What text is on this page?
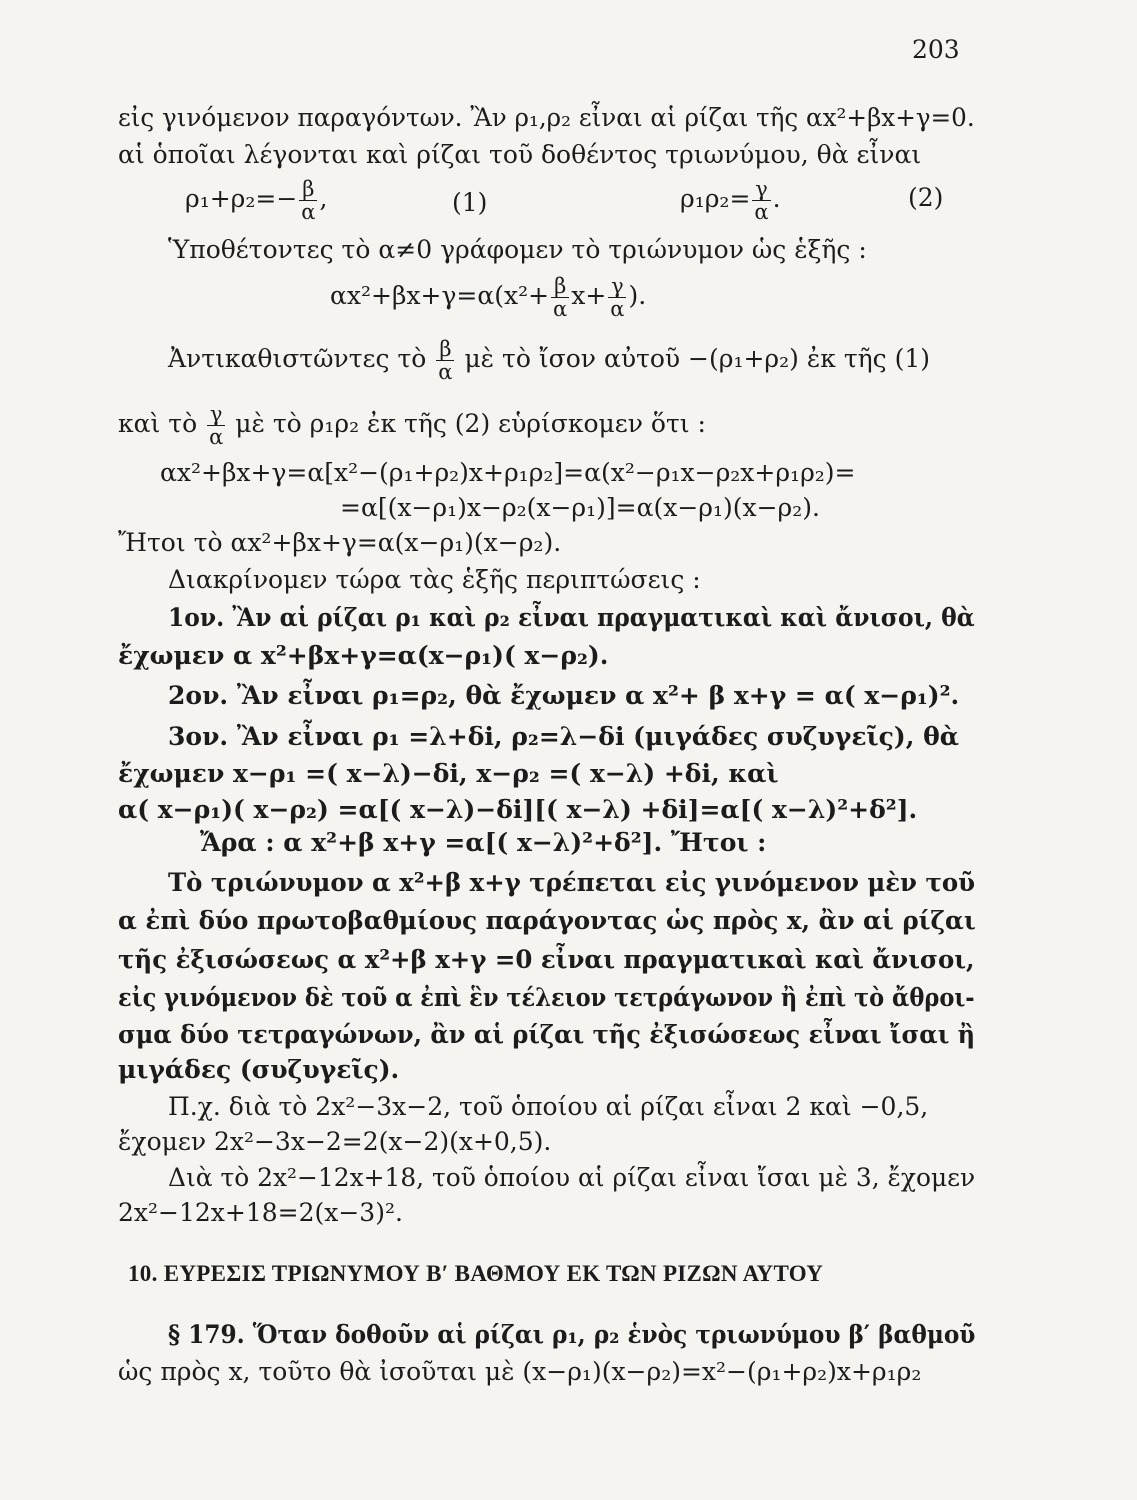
203
εἰς γινόμενον παραγόντων. Ἂν ρ₁,ρ₂ εἶναι αἱ ρίζαι τῆς αx²+βx+γ=0.
αἱ ὁποῖαι λέγονται καὶ ρίζαι τοῦ δοθέντος τριωνύμου, θὰ εἶναι
$\rho_1+\rho_2=- \frac{\beta}{\alpha}$ ,	(1)	$\rho_1\rho_2= \frac{\gamma}{\alpha}$ .	(2)
Ὑποθέτοντες τὸ α≠0 γράφομεν τὸ τριώνυμον ὡς ἑξῆς :
$\alpha x^2+\beta x+\gamma=\alpha(x^2+ \frac{\beta}{\alpha} x+ \frac{\gamma}{\alpha}$ ).
Ἀντικαθιστῶντες τὸ $\frac{\beta}{\alpha}$ μὲ τὸ ἴσον αὐτοῦ −(ρ₁+ρ₂) ἐκ τῆς (1)
καὶ τὸ $\frac{\gamma}{\alpha}$ μὲ τὸ ρ₁ρ₂ ἐκ τῆς (2) εὑρίσκομεν ὅτι :
αx²+βx+γ=α[x²−(ρ₁+ρ₂)x+ρ₁ρ₂]=α(x²−ρ₁x−ρ₂x+ρ₁ρ₂)=
=α[(x−ρ₁)x−ρ₂(x−ρ₁)]=α(x−ρ₁)(x−ρ₂).
Ἤτοι τὸ αx²+βx+γ=α(x−ρ₁)(x−ρ₂).
Διακρίνομεν τώρα τὰς ἑξῆς περιπτώσεις :
1ον. Ἂν αἱ ρίζαι ρ₁ καὶ ρ₂ εἶναι πραγματικαὶ καὶ ἄνισοι, θὰ
ἔχωμεν α x²+βx+γ=α(x−ρ₁)( x−ρ₂).
2ον. Ἂν εἶναι ρ₁=ρ₂, θὰ ἔχωμεν α x²+ β x+γ = α( x−ρ₁)².
3ον. Ἂν εἶναι ρ₁ =λ+δi, ρ₂=λ−δi (μιγάδες συζυγεῖς), θὰ
ἔχωμεν x−ρ₁ =( x−λ)−δi, x−ρ₂ =( x−λ) +δi, καὶ
α( x−ρ₁)( x−ρ₂) =α[( x−λ)−δi][( x−λ) +δi]=α[( x−λ)²+δ²].
Ἄρα : α x²+β x+γ =α[( x−λ)²+δ²]. Ἤτοι :
Τὸ τριώνυμον α x²+β x+γ τρέπεται εἰς γινόμενον μὲν τοῦ
α ἐπὶ δύο πρωτοβαθμίους παράγοντας ὡς πρὸς x, ἂν αἱ ρίζαι
τῆς ἐξισώσεως α x²+β x+γ =0 εἶναι πραγματικαὶ καὶ ἄνισοι,
εἰς γινόμενον δὲ τοῦ α ἐπὶ ἓν τέλειον τετράγωνον ἢ ἐπὶ τὸ ἄθροι-
σμα δύο τετραγώνων, ἂν αἱ ρίζαι τῆς ἐξισώσεως εἶναι ἴσαι ἢ
μιγάδες (συζυγεῖς).
Π.χ. διὰ τὸ 2x²−3x−2, τοῦ ὁποίου αἱ ρίζαι εἶναι 2 καὶ −0,5,
ἔχομεν 2x²−3x−2=2(x−2)(x+0,5).
Διὰ τὸ 2x²−12x+18, τοῦ ὁποίου αἱ ρίζαι εἶναι ἴσαι μὲ 3, ἔχομεν
2x²−12x+18=2(x−3)².
10. ΕΥΡΕΣΙΣ ΤΡΙΩΝΥΜΟΥ Β′ ΒΑΘΜΟΥ ΕΚ ΤΩΝ ΡΙΖΩΝ ΑΥΤΟΥ
§ 179. Ὅταν δοθοῦν αἱ ρίζαι ρ₁, ρ₂ ἑνὸς τριωνύμου β′ βαθμοῦ
ὡς πρὸς x, τοῦτο θὰ ἰσοῦται μὲ (x−ρ₁)(x−ρ₂)=x²−(ρ₁+ρ₂)x+ρ₁ρ₂
